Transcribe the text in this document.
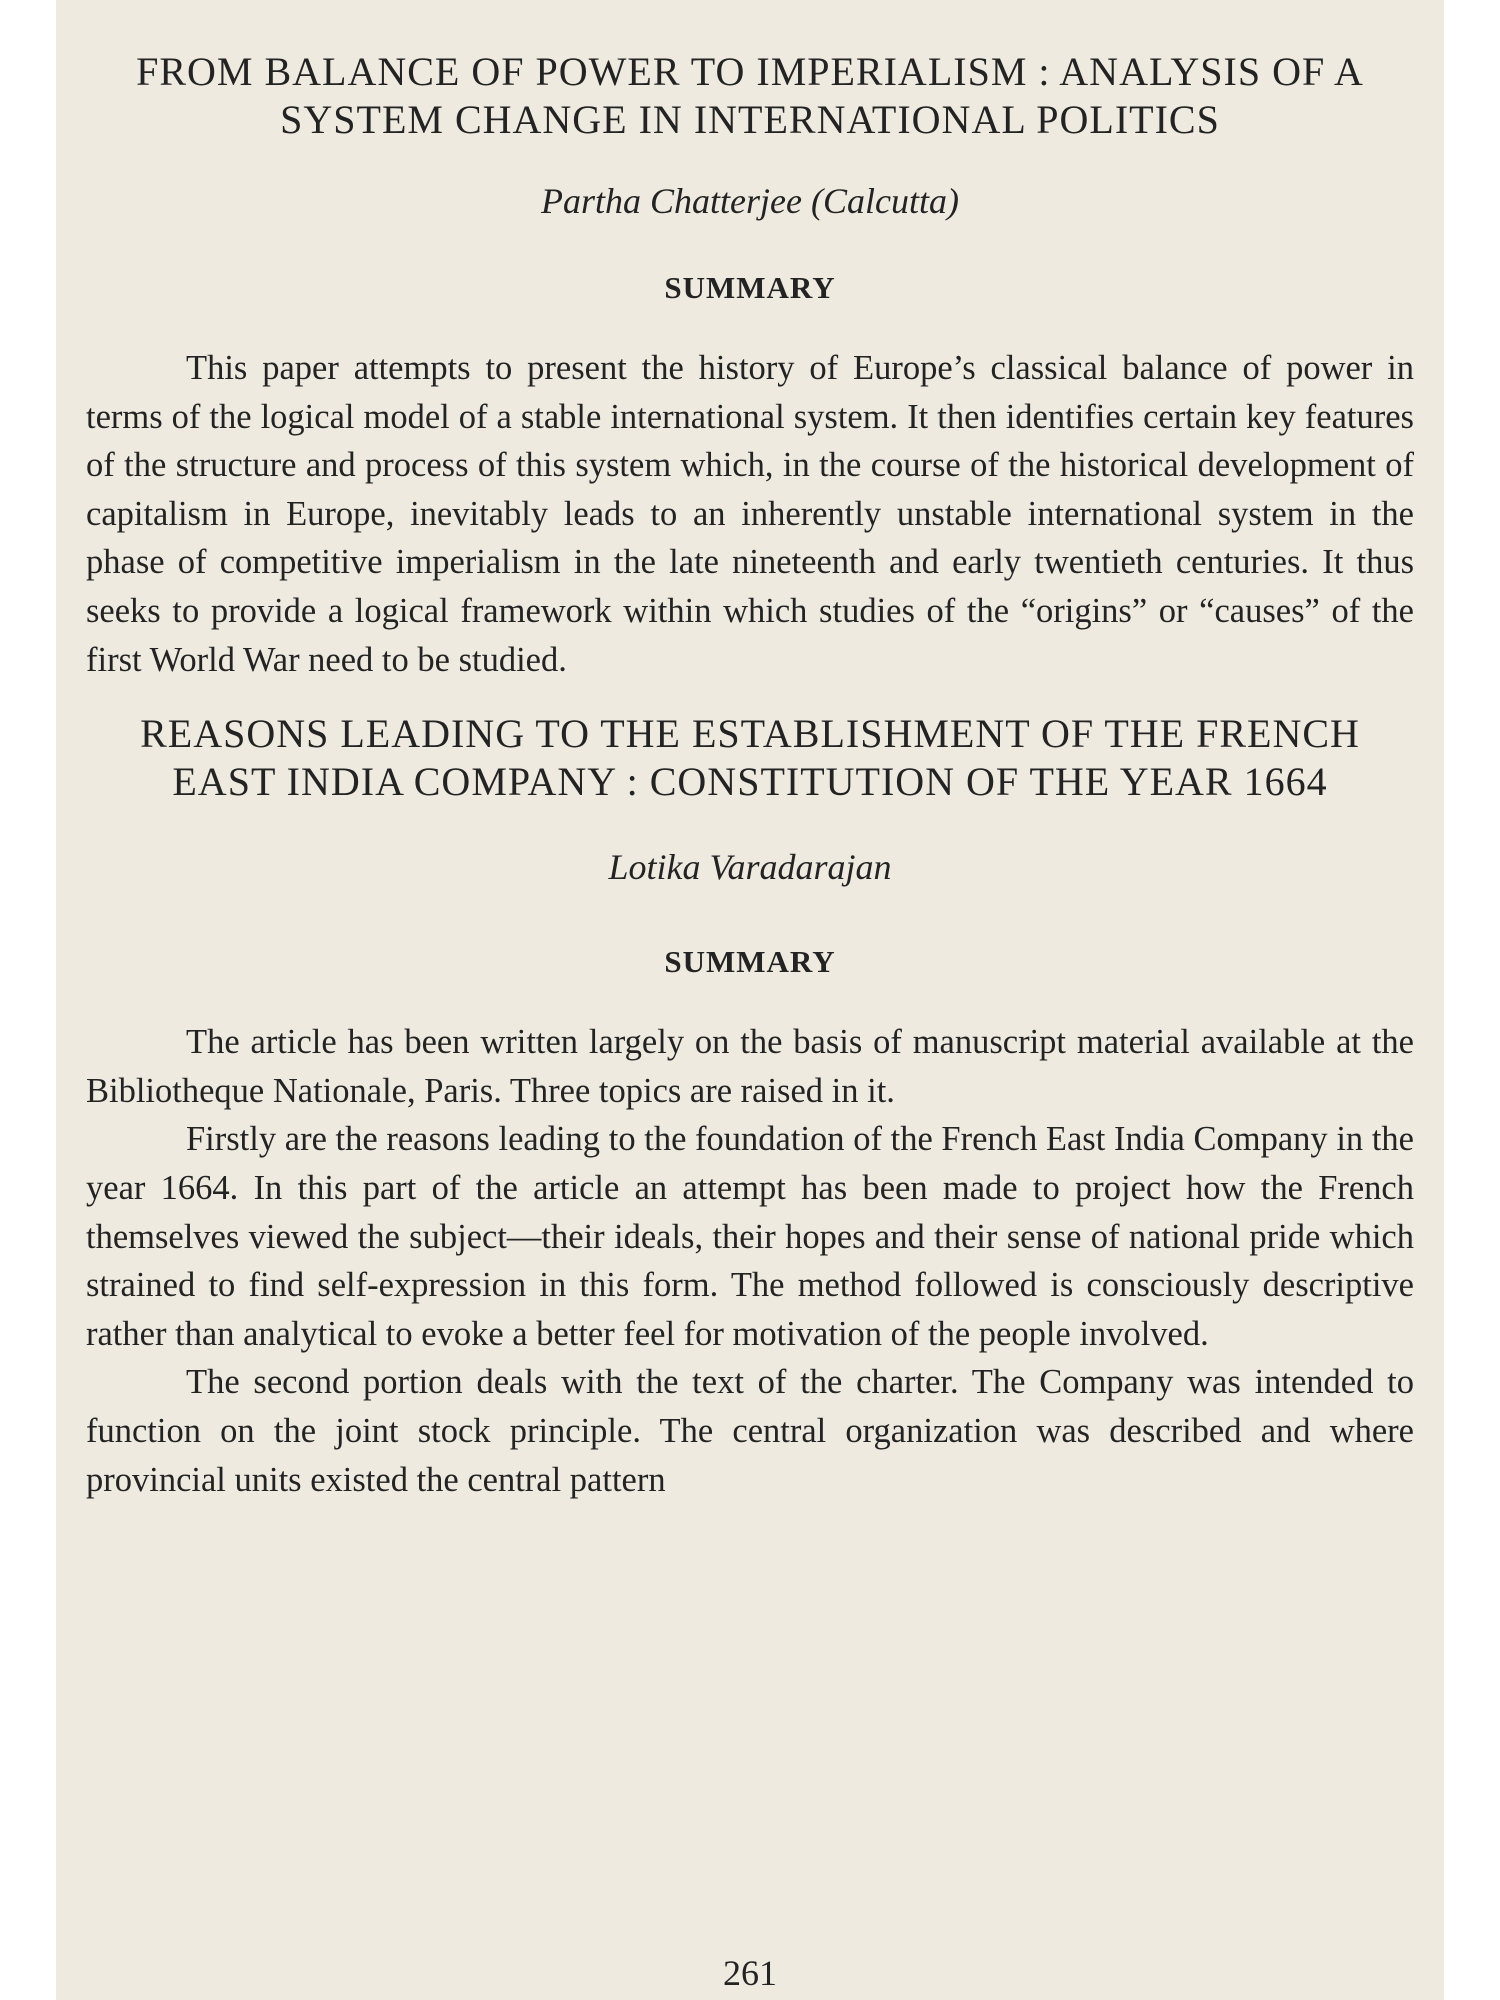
FROM BALANCE OF POWER TO IMPERIALISM : ANALYSIS OF A SYSTEM CHANGE IN INTERNATIONAL POLITICS
Partha Chatterjee (Calcutta)
SUMMARY

This paper attempts to present the history of Europe’s classical balance of power in terms of the logical model of a stable international system. It then identifies certain key features of the structure and process of this system which, in the course of the historical development of capitalism in Europe, inevitably leads to an inherently unstable international system in the phase of competitive imperialism in the late nineteenth and early twentieth centuries. It thus seeks to provide a logical framework within which studies of the “origins” or “causes” of the first World War need to be studied.

REASONS LEADING TO THE ESTABLISHMENT OF THE FRENCH EAST INDIA COMPANY : CONSTITUTION OF THE YEAR 1664
Lotika Varadarajan
SUMMARY

The article has been written largely on the basis of manuscript material available at the Bibliotheque Nationale, Paris. Three topics are raised in it.

Firstly are the reasons leading to the foundation of the French East India Company in the year 1664. In this part of the article an attempt has been made to project how the French themselves viewed the subject—their ideals, their hopes and their sense of national pride which strained to find self-expression in this form. The method followed is consciously descriptive rather than analytical to evoke a better feel for motivation of the people involved.

The second portion deals with the text of the charter. The Company was intended to function on the joint stock principle. The central organization was described and where provincial units existed the central pattern

261
